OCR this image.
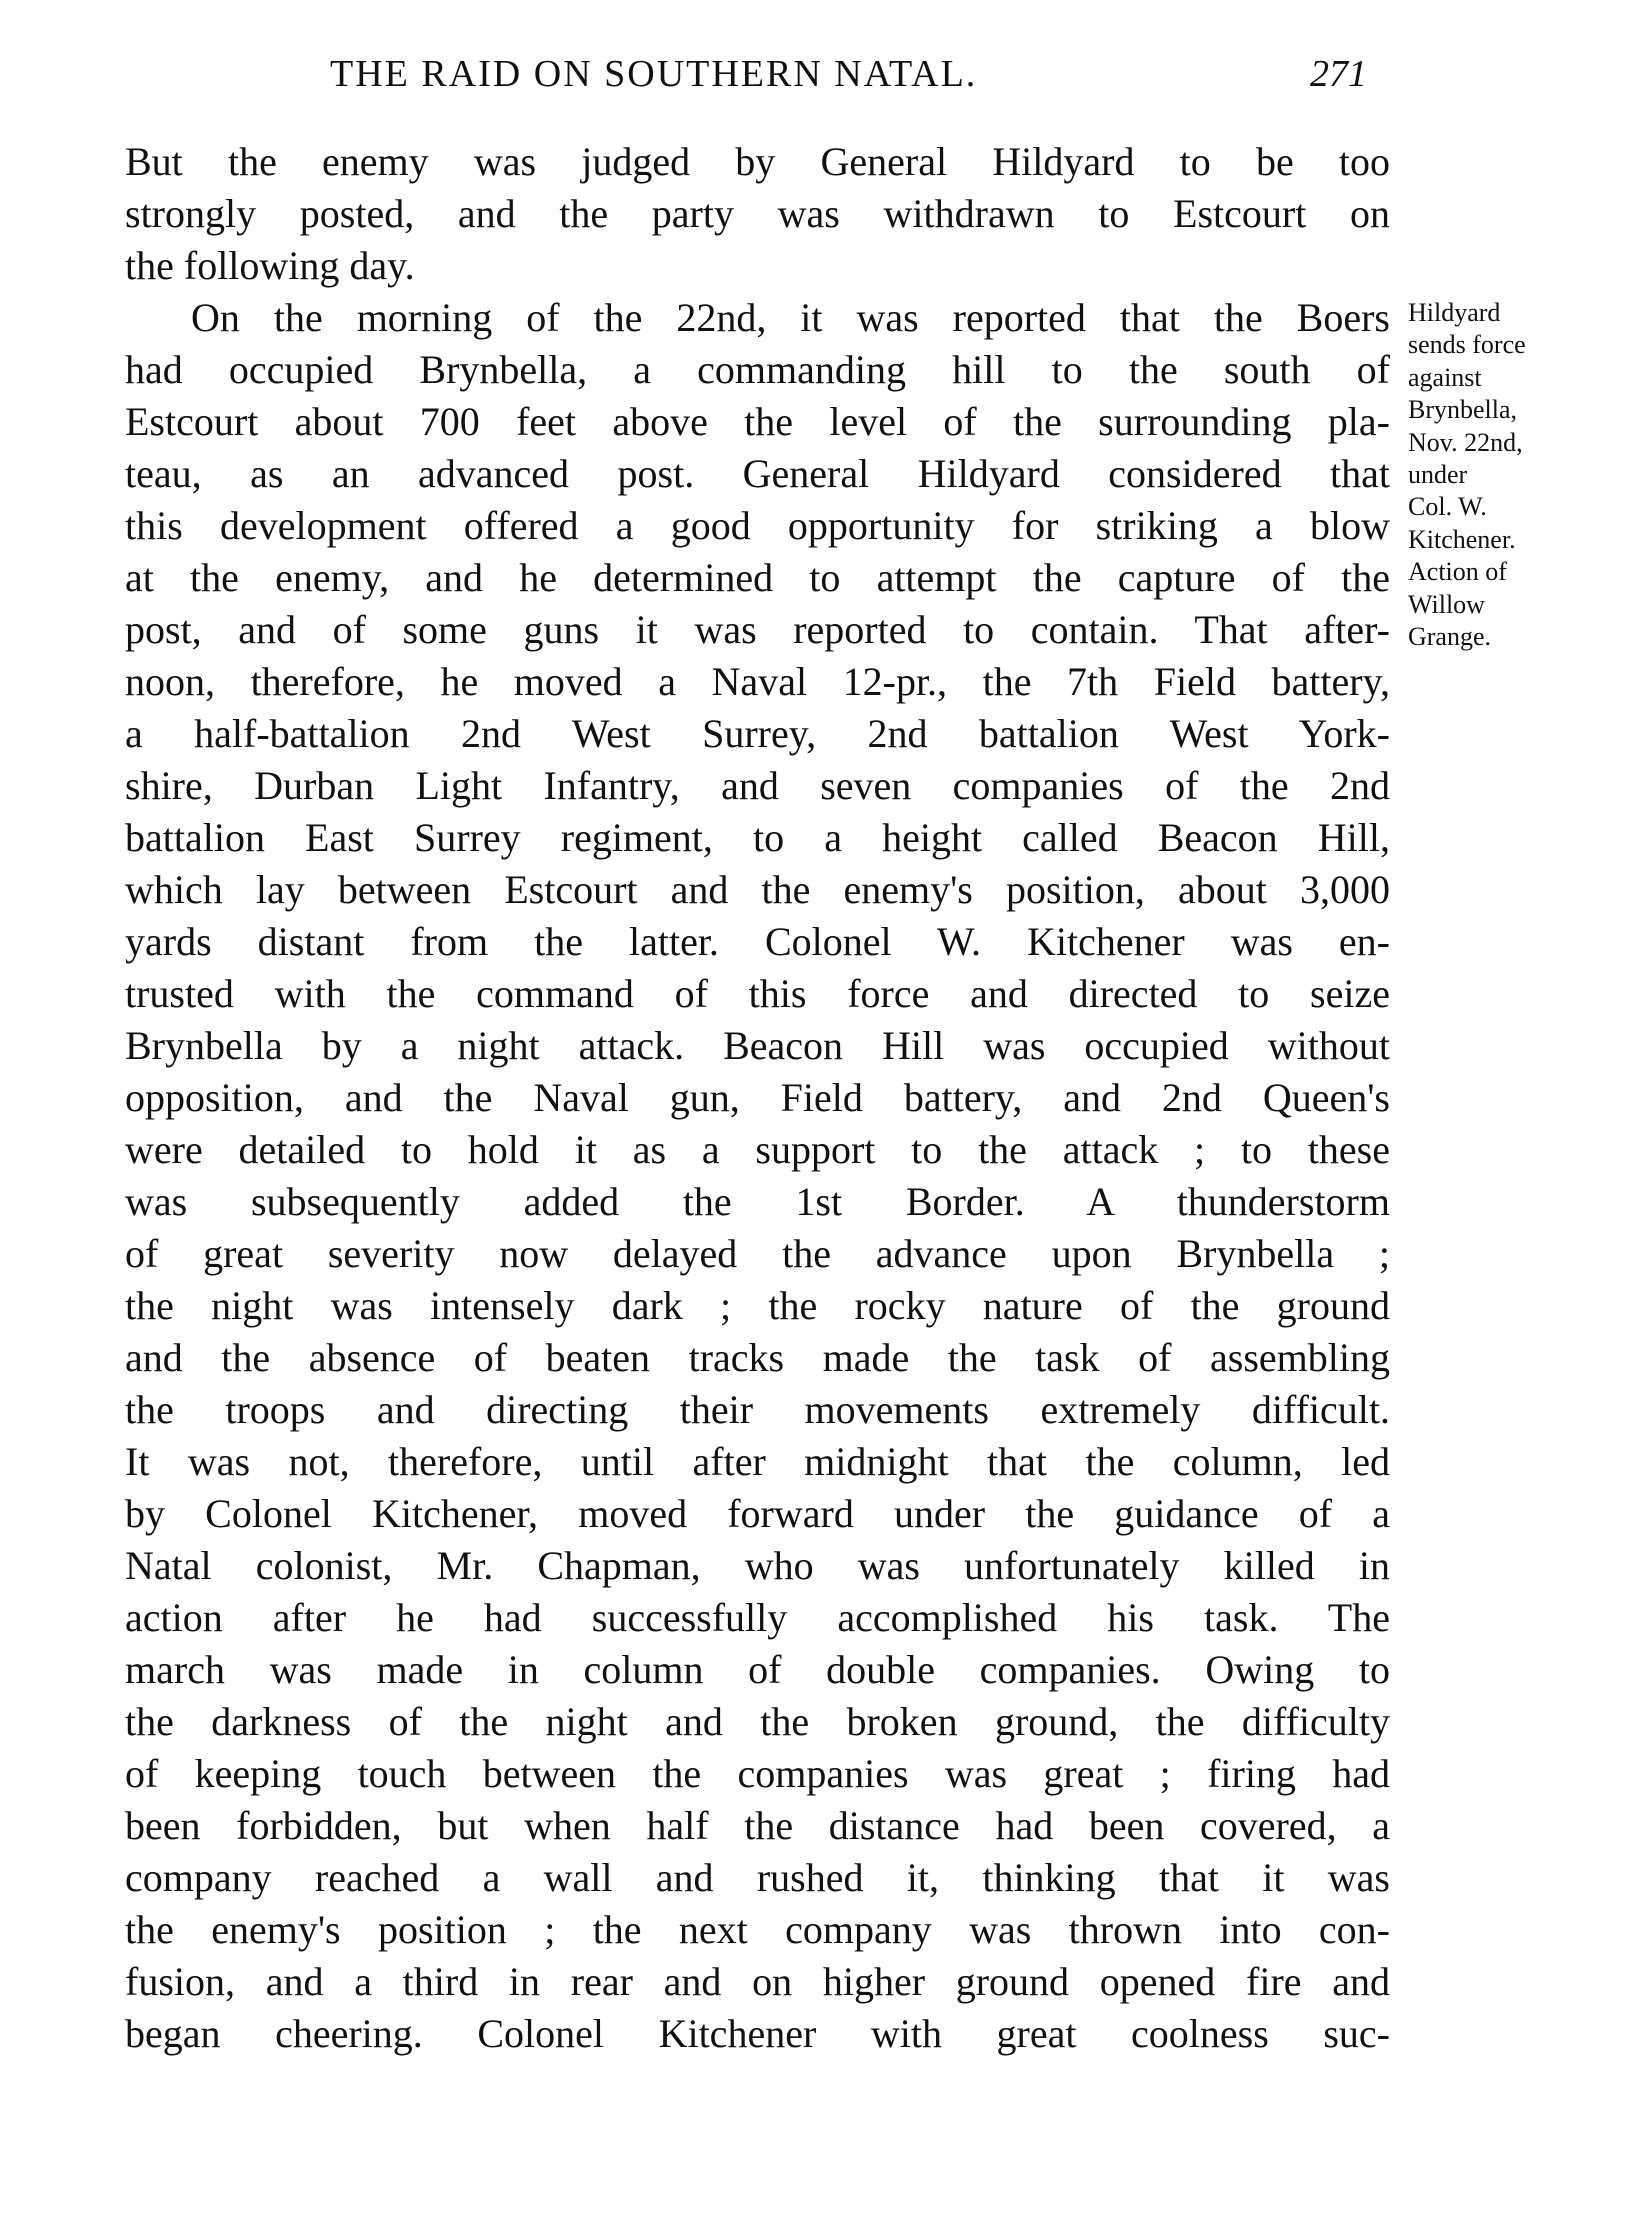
THE RAID ON SOUTHERN NATAL.	271
But the enemy was judged by General Hildyard to be too
strongly posted, and the party was withdrawn to Estcourt on
the following day.
On the morning of the 22nd, it was reported that the Boers
had occupied Brynbella, a commanding hill to the south of
Estcourt about 700 feet above the level of the surrounding pla-
teau, as an advanced post. General Hildyard considered that
this development offered a good opportunity for striking a blow
at the enemy, and he determined to attempt the capture of the
post, and of some guns it was reported to contain. That after-
noon, therefore, he moved a Naval 12-pr., the 7th Field battery,
a half-battalion 2nd West Surrey, 2nd battalion West York-
shire, Durban Light Infantry, and seven companies of the 2nd
battalion East Surrey regiment, to a height called Beacon Hill,
which lay between Estcourt and the enemy's position, about 3,000
yards distant from the latter. Colonel W. Kitchener was en-
trusted with the command of this force and directed to seize
Brynbella by a night attack. Beacon Hill was occupied without
opposition, and the Naval gun, Field battery, and 2nd Queen's
were detailed to hold it as a support to the attack ; to these
was subsequently added the 1st Border. A thunderstorm
of great severity now delayed the advance upon Brynbella ;
the night was intensely dark ; the rocky nature of the ground
and the absence of beaten tracks made the task of assembling
the troops and directing their movements extremely difficult.
It was not, therefore, until after midnight that the column, led
by Colonel Kitchener, moved forward under the guidance of a
Natal colonist, Mr. Chapman, who was unfortunately killed in
action after he had successfully accomplished his task. The
march was made in column of double companies. Owing to
the darkness of the night and the broken ground, the difficulty
of keeping touch between the companies was great ; firing had
been forbidden, but when half the distance had been covered, a
company reached a wall and rushed it, thinking that it was
the enemy's position ; the next company was thrown into con-
fusion, and a third in rear and on higher ground opened fire and
began cheering. Colonel Kitchener with great coolness suc-
Hildyard
sends force
against
Brynbella,
Nov. 22nd,
under
Col. W.
Kitchener.
Action of
Willow
Grange.
